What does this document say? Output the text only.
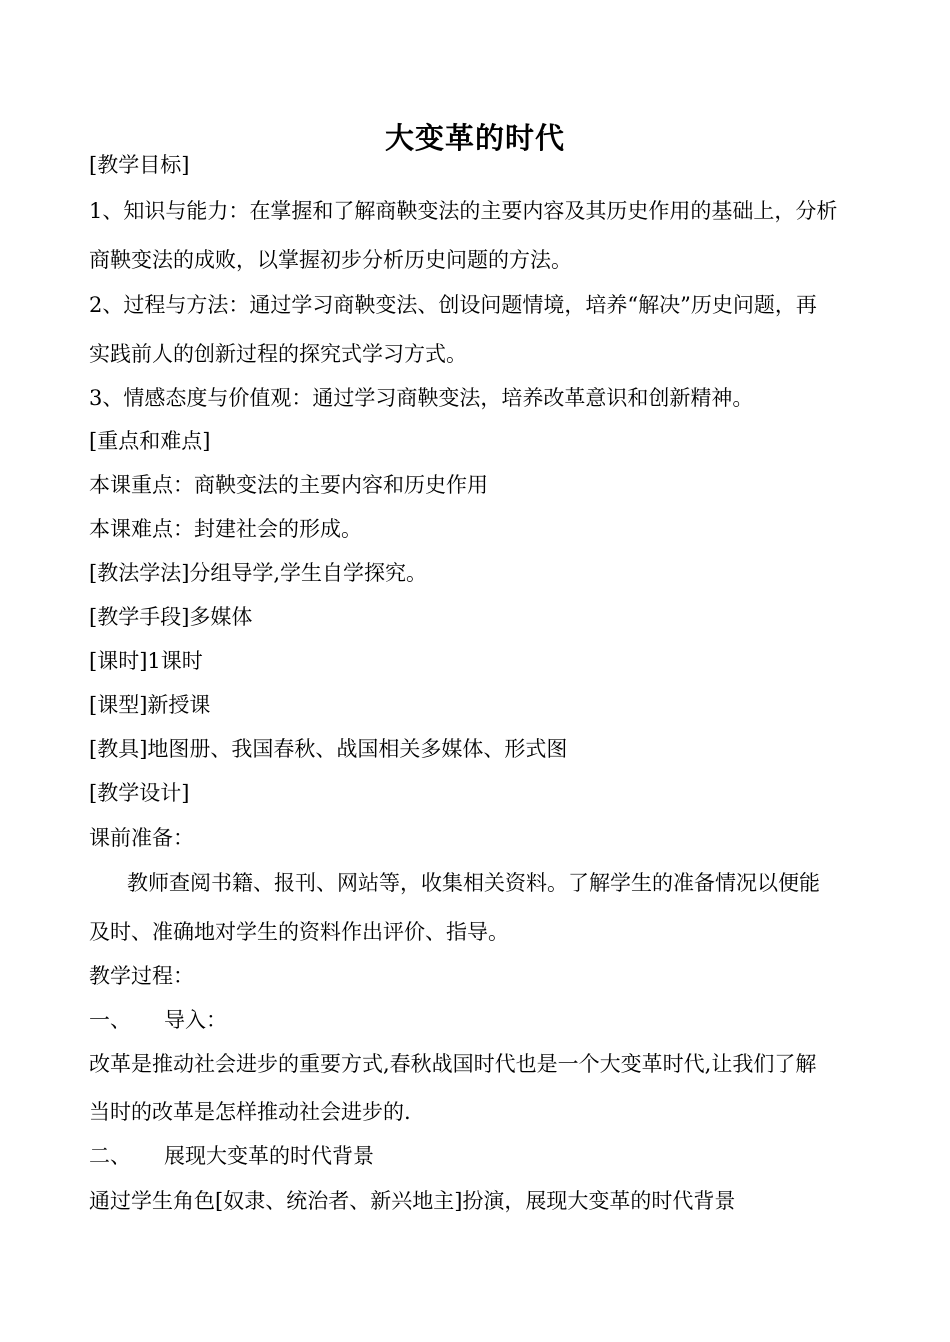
大变革的时代
[教学目标]
1、知识与能力：在掌握和了解商鞅变法的主要内容及其历史作用的基础上，分析
商鞅变法的成败，以掌握初步分析历史问题的方法。
2、过程与方法：通过学习商鞅变法、创设问题情境，培养“解决”历史问题，再
实践前人的创新过程的探究式学习方式。
3、情感态度与价值观：通过学习商鞅变法，培养改革意识和创新精神。
[重点和难点]
本课重点：商鞅变法的主要内容和历史作用
本课难点：封建社会的形成。
[教法学法]分组导学,学生自学探究。
[教学手段]多媒体
[课时]1课时
[课型]新授课
[教具]地图册、我国春秋、战国相关多媒体、形式图
[教学设计]
课前准备：
教师查阅书籍、报刊、网站等，收集相关资料。了解学生的准备情况以便能
及时、准确地对学生的资料作出评价、指导。
教学过程：
一、 导入：
改革是推动社会进步的重要方式,春秋战国时代也是一个大变革时代,让我们了解
当时的改革是怎样推动社会进步的.
二、 展现大变革的时代背景
通过学生角色[奴隶、统治者、新兴地主]扮演，展现大变革的时代背景
